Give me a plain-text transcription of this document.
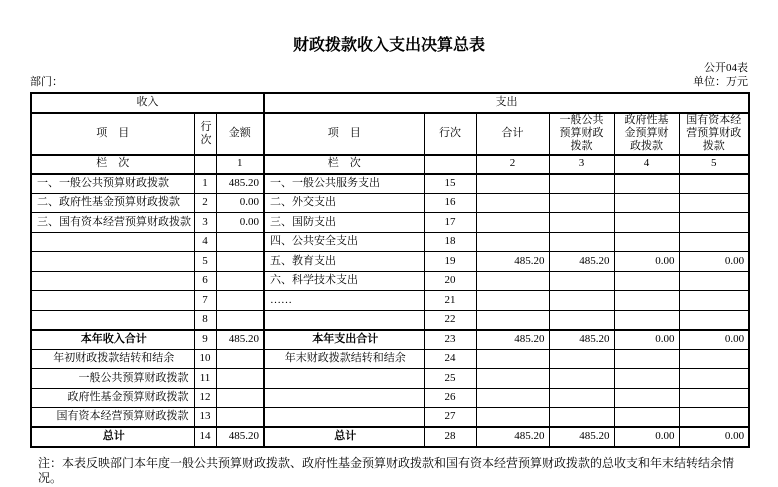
财政拨款收入支出决算总表
公开04表
部门：	单位：万元
收入			支出					
项　目	行次	金额	项　目	行次	合计	一般公共预算财政拨款	政府性基金预算财政拨款	国有资本经营预算财政拨款
栏　次		1	栏　次		2	3	4	5
一、一般公共预算财政拨款	1	485.20	一、一般公共服务支出	15				
二、政府性基金预算财政拨款	2	0.00	二、外交支出	16				
三、国有资本经营预算财政拨款	3	0.00	三、国防支出	17				
	4		四、公共安全支出	18				
	5		五、教育支出	19	485.20	485.20	0.00	0.00
	6		六、科学技术支出	20				
	7		……	21				
	8			22				
本年收入合计	9	485.20	本年支出合计	23	485.20	485.20	0.00	0.00
年初财政拨款结转和结余	10		年末财政拨款结转和结余	24				
一般公共预算财政拨款	11			25				
政府性基金预算财政拨款	12			26				
国有资本经营预算财政拨款	13			27				
总计	14	485.20	总计	28	485.20	485.20	0.00	0.00
注：本表反映部门本年度一般公共预算财政拨款、政府性基金预算财政拨款和国有资本经营预算财政拨款的总收支和年末结转结余情况。
